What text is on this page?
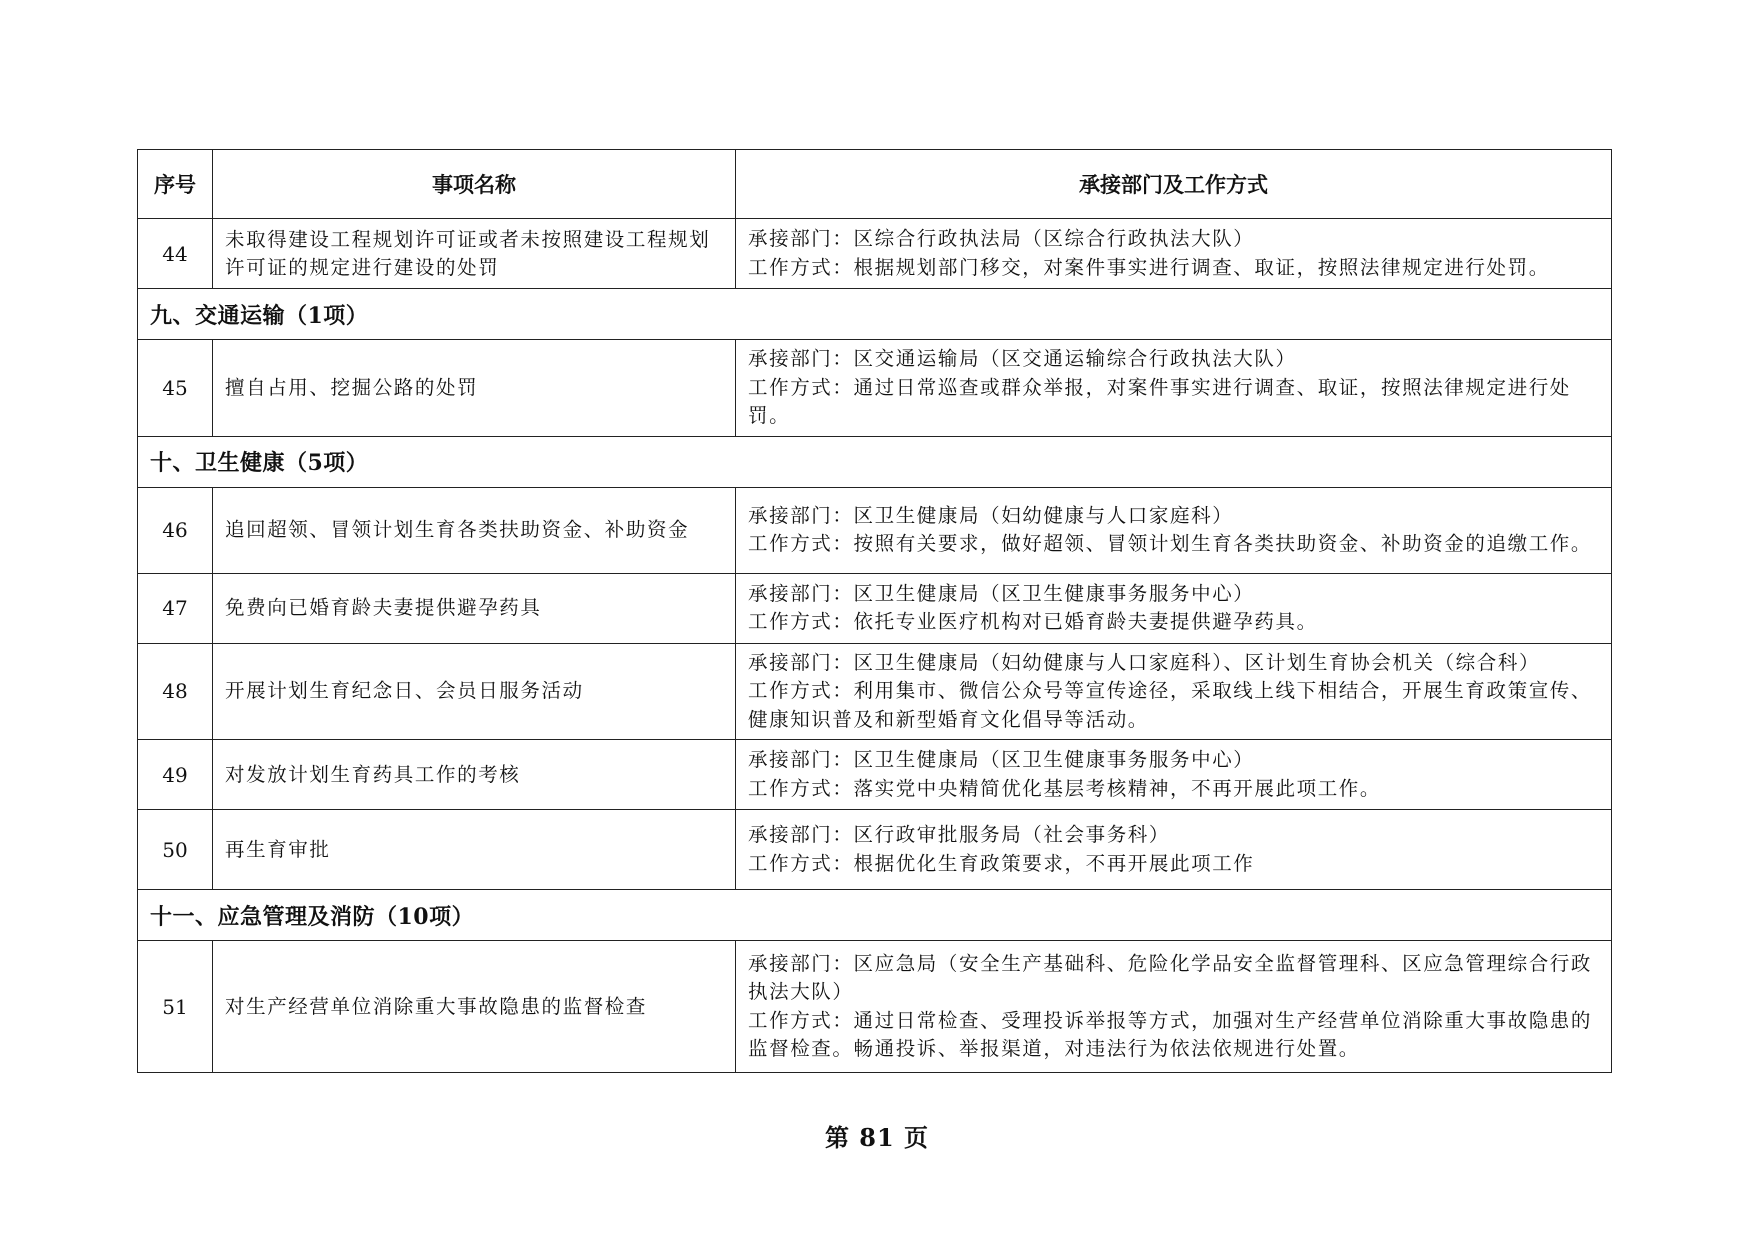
序号	事项名称	承接部门及工作方式
44	未取得建设工程规划许可证或者未按照建设工程规划许可证的规定进行建设的处罚	承接部门：区综合行政执法局（区综合行政执法大队）
工作方式：根据规划部门移交，对案件事实进行调查、取证，按照法律规定进行处罚。

九、交通运输（1项）		
45	擅自占用、挖掘公路的处罚	承接部门：区交通运输局（区交通运输综合行政执法大队）
工作方式：通过日常巡查或群众举报，对案件事实进行调查、取证，按照法律规定进行处罚。

十、卫生健康（5项）		
46	追回超领、冒领计划生育各类扶助资金、补助资金	承接部门：区卫生健康局（妇幼健康与人口家庭科）
工作方式：按照有关要求，做好超领、冒领计划生育各类扶助资金、补助资金的追缴工作。

47	免费向已婚育龄夫妻提供避孕药具	承接部门：区卫生健康局（区卫生健康事务服务中心）
工作方式：依托专业医疗机构对已婚育龄夫妻提供避孕药具。

48	开展计划生育纪念日、会员日服务活动	承接部门：区卫生健康局（妇幼健康与人口家庭科）、区计划生育协会机关（综合科）
工作方式：利用集市、微信公众号等宣传途径，采取线上线下相结合，开展生育政策宣传、健康知识普及和新型婚育文化倡导等活动。

49	对发放计划生育药具工作的考核	承接部门：区卫生健康局（区卫生健康事务服务中心）
工作方式：落实党中央精简优化基层考核精神，不再开展此项工作。

50	再生育审批	承接部门：区行政审批服务局（社会事务科）
工作方式：根据优化生育政策要求，不再开展此项工作

十一、应急管理及消防（10项）		
51	对生产经营单位消除重大事故隐患的监督检查	承接部门：区应急局（安全生产基础科、危险化学品安全监督管理科、区应急管理综合行政执法大队）
工作方式：通过日常检查、受理投诉举报等方式，加强对生产经营单位消除重大事故隐患的监督检查。畅通投诉、举报渠道，对违法行为依法依规进行处置。
第 81 页
